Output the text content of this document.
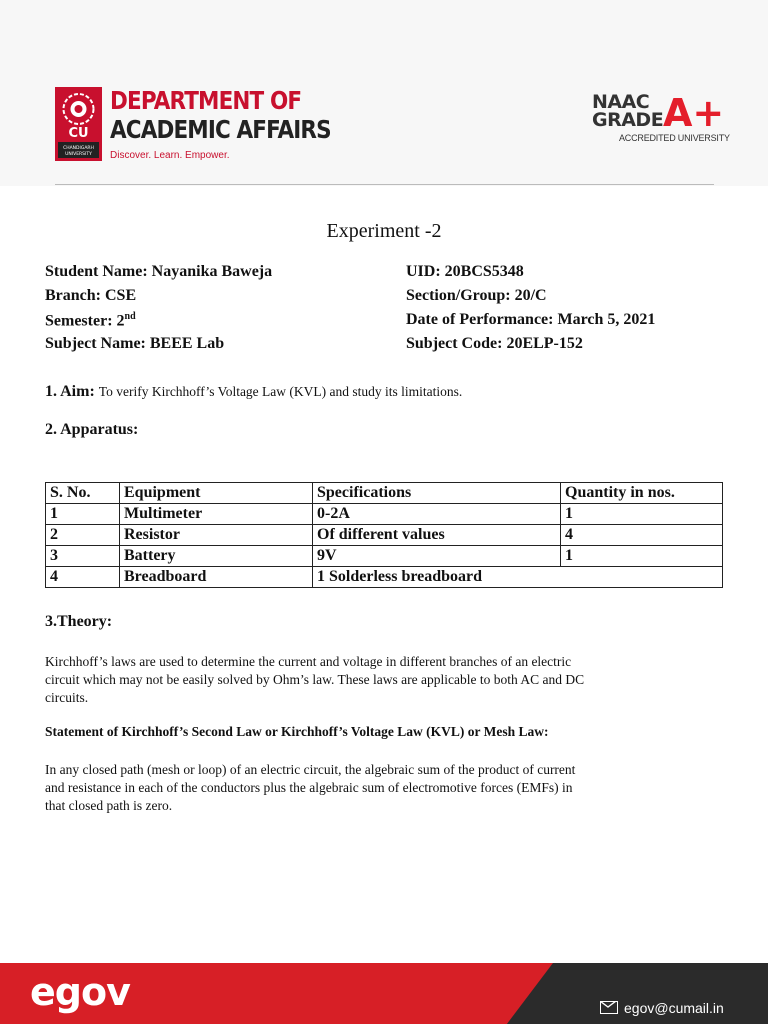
CU
CHANDIGARH
UNIVERSITY
DEPARTMENT OF
ACADEMIC AFFAIRS
Discover. Learn. Empower.
NAAC
GRADE A+
ACCREDITED UNIVERSITY
Experiment -2
Student Name: Nayanika Baweja	UID: 20BCS5348
Branch: CSE	Section/Group: 20/C
Semester: 2nd	Date of Performance: March 5, 2021
Subject Name: BEEE Lab	Subject Code: 20ELP-152
1. Aim: To verify Kirchhoff’s Voltage Law (KVL) and study its limitations.
2. Apparatus:
S. No.	Equipment	Specifications	Quantity in nos.
1	Multimeter	0-2A	1
2	Resistor	Of different values	4
3	Battery	9V	1
4	Breadboard	1 Solderless breadboard	
3.Theory:
Kirchhoff’s laws are used to determine the current and voltage in different branches of an electric
circuit which may not be easily solved by Ohm’s law. These laws are applicable to both AC and DC
circuits.
Statement of Kirchhoff’s Second Law or Kirchhoff’s Voltage Law (KVL) or Mesh Law:
In any closed path (mesh or loop) of an electric circuit, the algebraic sum of the product of current
and resistance in each of the conductors plus the algebraic sum of electromotive forces (EMFs) in
that closed path is zero.
egov	egov@cumail.in
